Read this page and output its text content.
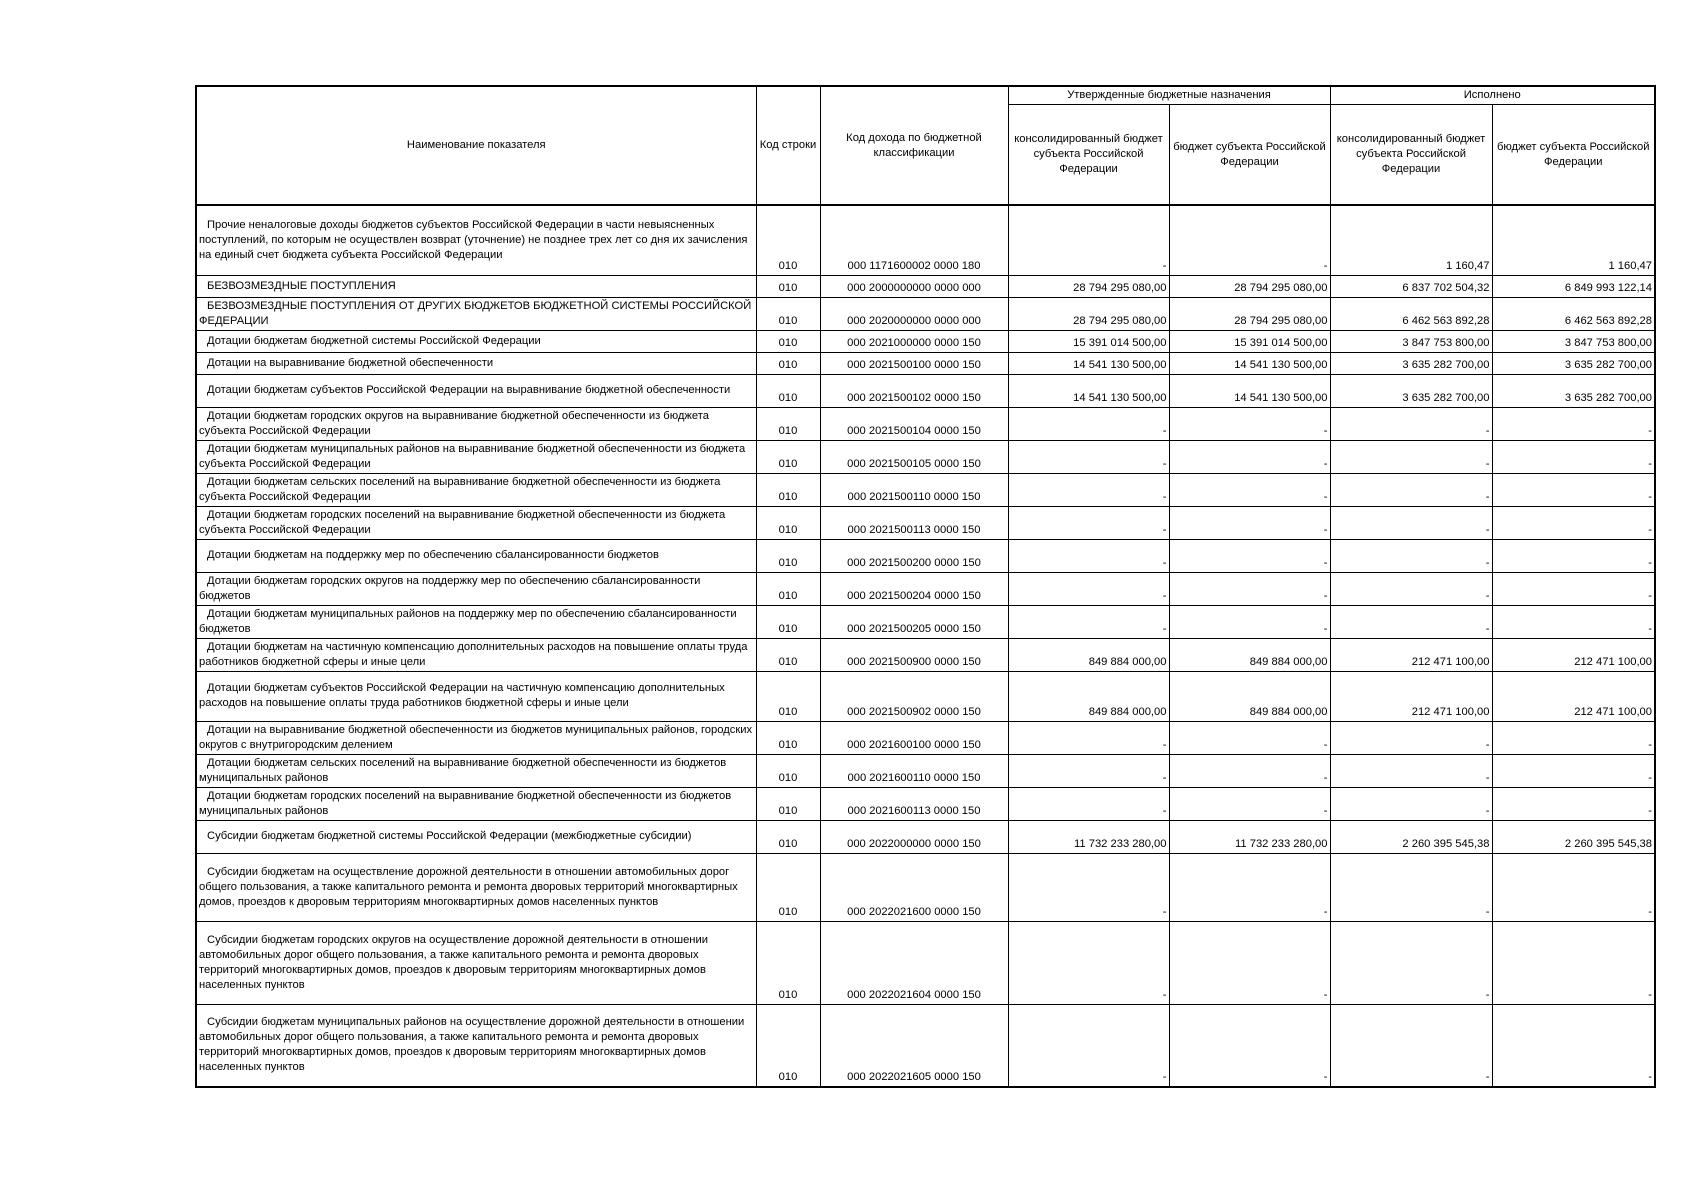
Наименование показателя	Код строки	Код дохода по бюджетной классификации	Утвержденные бюджетные назначения		Исполнено	
			консолидированный бюджет субъекта Российской Федерации	бюджет субъекта Российской Федерации	консолидированный бюджет субъекта Российской Федерации	бюджет субъекта Российской Федерации
Прочие неналоговые доходы бюджетов субъектов Российской Федерации в части невыясненных поступлений, по которым не осуществлен возврат (уточнение) не позднее трех лет со дня их зачисления на единый счет бюджета субъекта Российской Федерации	010	000 1171600002 0000 180	-	-	1 160,47	1 160,47
БЕЗВОЗМЕЗДНЫЕ ПОСТУПЛЕНИЯ	010	000 2000000000 0000 000	28 794 295 080,00	28 794 295 080,00	6 837 702 504,32	6 849 993 122,14
БЕЗВОЗМЕЗДНЫЕ ПОСТУПЛЕНИЯ ОТ ДРУГИХ БЮДЖЕТОВ БЮДЖЕТНОЙ СИСТЕМЫ РОССИЙСКОЙ ФЕДЕРАЦИИ	010	000 2020000000 0000 000	28 794 295 080,00	28 794 295 080,00	6 462 563 892,28	6 462 563 892,28
Дотации бюджетам бюджетной системы Российской Федерации	010	000 2021000000 0000 150	15 391 014 500,00	15 391 014 500,00	3 847 753 800,00	3 847 753 800,00
Дотации на выравнивание бюджетной обеспеченности	010	000 2021500100 0000 150	14 541 130 500,00	14 541 130 500,00	3 635 282 700,00	3 635 282 700,00
Дотации бюджетам субъектов Российской Федерации на выравнивание бюджетной обеспеченности	010	000 2021500102 0000 150	14 541 130 500,00	14 541 130 500,00	3 635 282 700,00	3 635 282 700,00
Дотации бюджетам городских округов на выравнивание бюджетной обеспеченности из бюджета субъекта Российской Федерации	010	000 2021500104 0000 150	-	-	-	-
Дотации бюджетам муниципальных районов на выравнивание бюджетной обеспеченности из бюджета субъекта Российской Федерации	010	000 2021500105 0000 150	-	-	-	-
Дотации бюджетам сельских поселений на выравнивание бюджетной обеспеченности из бюджета субъекта Российской Федерации	010	000 2021500110 0000 150	-	-	-	-
Дотации бюджетам городских поселений на выравнивание бюджетной обеспеченности из бюджета субъекта Российской Федерации	010	000 2021500113 0000 150	-	-	-	-
Дотации бюджетам на поддержку мер по обеспечению сбалансированности бюджетов	010	000 2021500200 0000 150	-	-	-	-
Дотации бюджетам городских округов на поддержку мер по обеспечению сбалансированности бюджетов	010	000 2021500204 0000 150	-	-	-	-
Дотации бюджетам муниципальных районов на поддержку мер по обеспечению сбалансированности бюджетов	010	000 2021500205 0000 150	-	-	-	-
Дотации бюджетам на частичную компенсацию дополнительных расходов на повышение оплаты труда работников бюджетной сферы и иные цели	010	000 2021500900 0000 150	849 884 000,00	849 884 000,00	212 471 100,00	212 471 100,00
Дотации бюджетам субъектов Российской Федерации на частичную компенсацию дополнительных расходов на повышение оплаты труда работников бюджетной сферы и иные цели	010	000 2021500902 0000 150	849 884 000,00	849 884 000,00	212 471 100,00	212 471 100,00
Дотации на выравнивание бюджетной обеспеченности из бюджетов муниципальных районов, городских округов с внутригородским делением	010	000 2021600100 0000 150	-	-	-	-
Дотации бюджетам сельских поселений на выравнивание бюджетной обеспеченности из бюджетов муниципальных районов	010	000 2021600110 0000 150	-	-	-	-
Дотации бюджетам городских поселений на выравнивание бюджетной обеспеченности из бюджетов муниципальных районов	010	000 2021600113 0000 150	-	-	-	-
Субсидии бюджетам бюджетной системы Российской Федерации (межбюджетные субсидии)	010	000 2022000000 0000 150	11 732 233 280,00	11 732 233 280,00	2 260 395 545,38	2 260 395 545,38
Субсидии бюджетам на осуществление дорожной деятельности в отношении автомобильных дорог общего пользования, а также капитального ремонта и ремонта дворовых территорий многоквартирных домов, проездов к дворовым территориям многоквартирных домов населенных пунктов	010	000 2022021600 0000 150	-	-	-	-
Субсидии бюджетам городских округов на осуществление дорожной деятельности в отношении автомобильных дорог общего пользования, а также капитального ремонта и ремонта дворовых территорий многоквартирных домов, проездов к дворовым территориям многоквартирных домов населенных пунктов	010	000 2022021604 0000 150	-	-	-	-
Субсидии бюджетам муниципальных районов на осуществление дорожной деятельности в отношении автомобильных дорог общего пользования, а также капитального ремонта и ремонта дворовых территорий многоквартирных домов, проездов к дворовым территориям многоквартирных домов населенных пунктов	010	000 2022021605 0000 150	-	-	-	-
